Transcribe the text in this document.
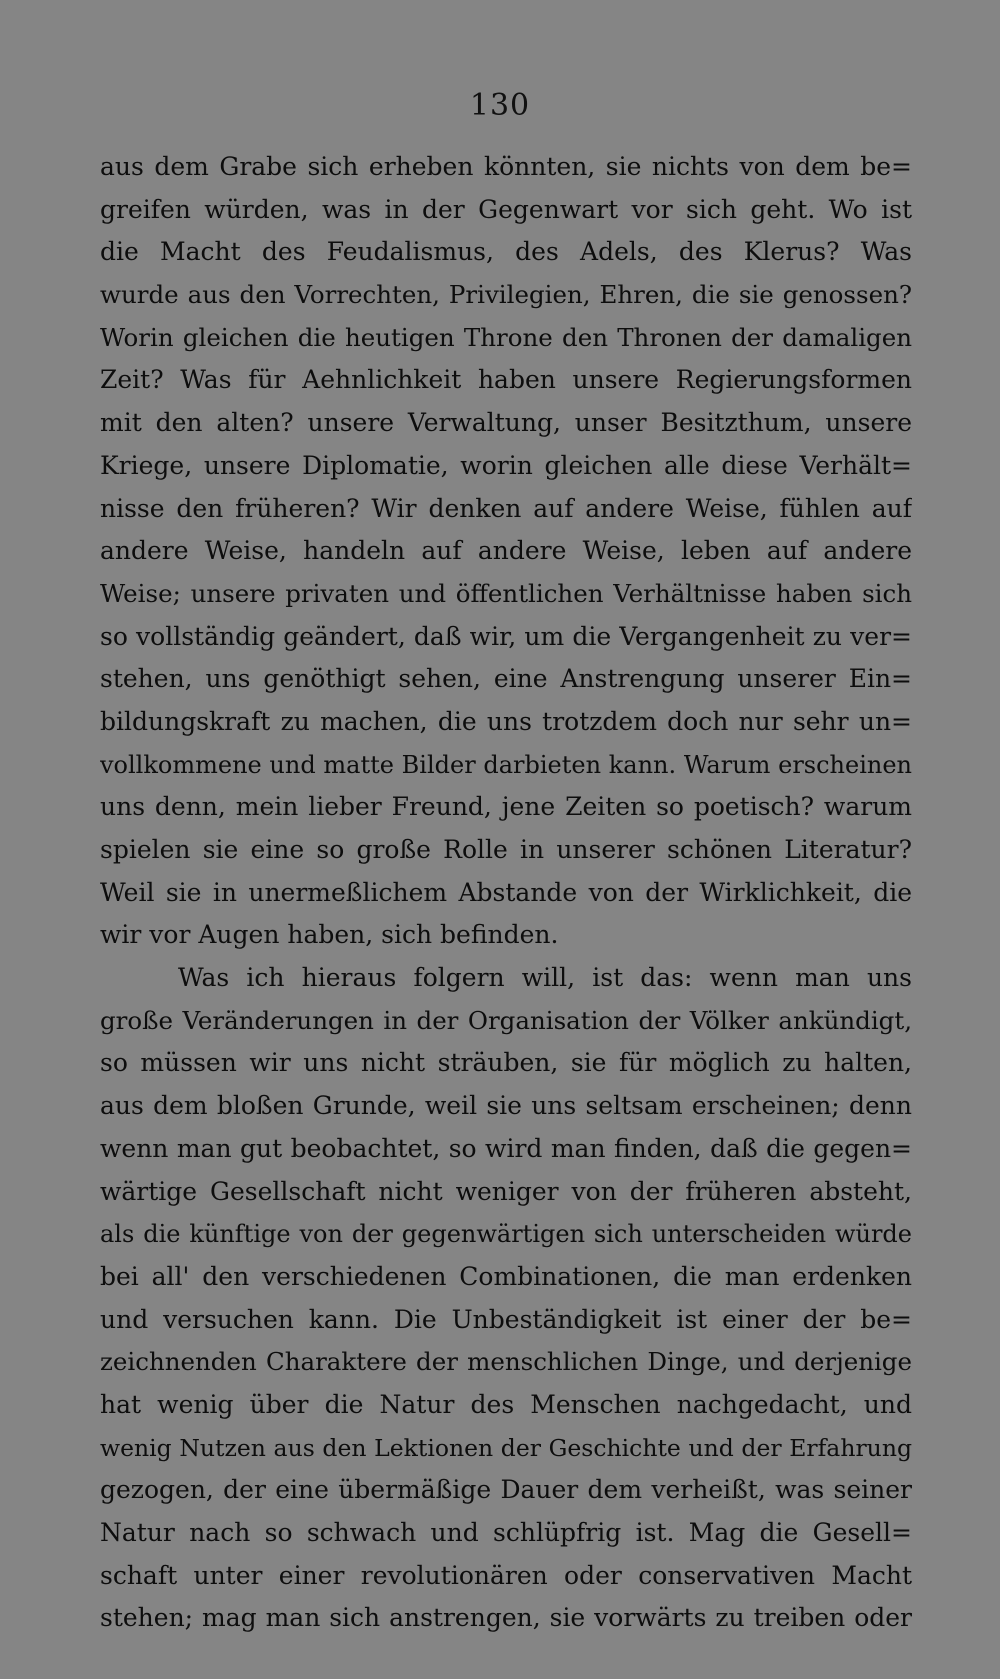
130
aus dem Grabe sich erheben könnten, sie nichts von dem be=
greifen würden, was in der Gegenwart vor sich geht. Wo ist
die Macht des Feudalismus, des Adels, des Klerus? Was
wurde aus den Vorrechten, Privilegien, Ehren, die sie genossen?
Worin gleichen die heutigen Throne den Thronen der damaligen
Zeit? Was für Aehnlichkeit haben unsere Regierungsformen
mit den alten? unsere Verwaltung, unser Besitzthum, unsere
Kriege, unsere Diplomatie, worin gleichen alle diese Verhält=
nisse den früheren? Wir denken auf andere Weise, fühlen auf
andere Weise, handeln auf andere Weise, leben auf andere
Weise; unsere privaten und öffentlichen Verhältnisse haben sich
so vollständig geändert, daß wir, um die Vergangenheit zu ver=
stehen, uns genöthigt sehen, eine Anstrengung unserer Ein=
bildungskraft zu machen, die uns trotzdem doch nur sehr un=
vollkommene und matte Bilder darbieten kann. Warum erscheinen
uns denn, mein lieber Freund, jene Zeiten so poetisch? warum
spielen sie eine so große Rolle in unserer schönen Literatur?
Weil sie in unermeßlichem Abstande von der Wirklichkeit, die
wir vor Augen haben, sich befinden.
Was ich hieraus folgern will, ist das: wenn man uns
große Veränderungen in der Organisation der Völker ankündigt,
so müssen wir uns nicht sträuben, sie für möglich zu halten,
aus dem bloßen Grunde, weil sie uns seltsam erscheinen; denn
wenn man gut beobachtet, so wird man finden, daß die gegen=
wärtige Gesellschaft nicht weniger von der früheren absteht,
als die künftige von der gegenwärtigen sich unterscheiden würde
bei all' den verschiedenen Combinationen, die man erdenken
und versuchen kann. Die Unbeständigkeit ist einer der be=
zeichnenden Charaktere der menschlichen Dinge, und derjenige
hat wenig über die Natur des Menschen nachgedacht, und
wenig Nutzen aus den Lektionen der Geschichte und der Erfahrung
gezogen, der eine übermäßige Dauer dem verheißt, was seiner
Natur nach so schwach und schlüpfrig ist. Mag die Gesell=
schaft unter einer revolutionären oder conservativen Macht
stehen; mag man sich anstrengen, sie vorwärts zu treiben oder
